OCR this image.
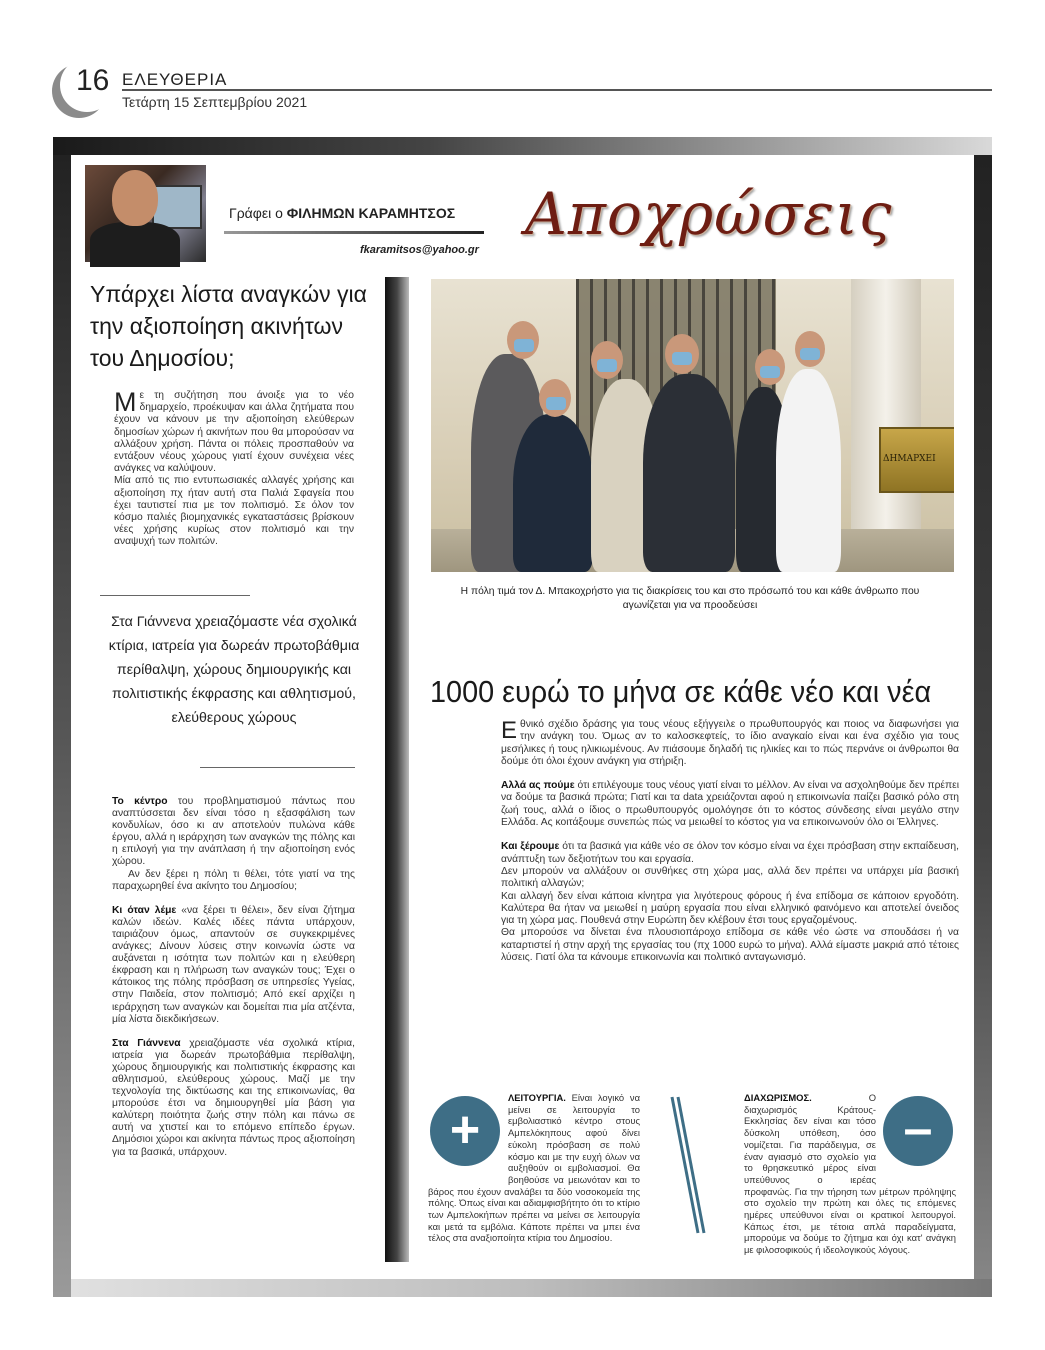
16 ΕΛΕΥΘΕΡΙΑ
Τετάρτη 15 Σεπτεμβρίου 2021
Γράφει ο ΦΙΛΗΜΩΝ ΚΑΡΑΜΗΤΣΟΣ
fkaramitsos@yahoo.gr
Αποχρώσεις
Υπάρχει λίστα αναγκών για την αξιοποίηση ακινήτων του Δημοσίου;
Μ ε τη συζήτηση που άνοιξε για το νέο δημαρχείο, προέκυψαν και άλλα ζητήματα που έχουν να κάνουν με την αξιοποίηση ελεύθερων δημοσίων χώρων ή ακινήτων που θα μπορούσαν να αλλάξουν χρήση. Πάντα οι πόλεις προσπαθούν να εντάξουν νέους χώρους γιατί έχουν συνέχεια νέες ανάγκες να καλύψουν.
Μία από τις πιο εντυπωσιακές αλλαγές χρήσης και αξιοποίηση πχ ήταν αυτή στα Παλιά Σφαγεία που έχει ταυτιστεί πια με τον πολιτισμό. Σε όλον τον κόσμο παλιές βιομηχανικές εγκαταστάσεις βρίσκουν νέες χρήσης κυρίως στον πολιτισμό και την αναψυχή των πολιτών.
Στα Γιάννενα χρειαζόμαστε νέα σχολικά κτίρια, ιατρεία για δωρεάν πρωτοβάθμια περίθαλψη, χώρους δημιουργικής και πολιτιστικής έκφρασης και αθλητισμού, ελεύθερους χώρους

Το κέντρο του προβληματισμού πάντως που αναπτύσσεται δεν είναι τόσο η εξασφάλιση των κονδυλίων, όσο κι αν αποτελούν πυλώνα κάθε έργου, αλλά η ιεράρχηση των αναγκών της πόλης και η επιλογή για την ανάπλαση ή την αξιοποίηση ενός χώρου.
Αν δεν ξέρει η πόλη τι θέλει, τότε γιατί να της παραχωρηθεί ένα ακίνητο του Δημοσίου;

Κι όταν λέμε «να ξέρει τι θέλει», δεν είναι ζήτημα καλών ιδεών. Καλές ιδέες πάντα υπάρχουν, ταιριάζουν όμως, απαντούν σε συγκεκριμένες ανάγκες; Δίνουν λύσεις στην κοινωνία ώστε να αυξάνεται η ισότητα των πολιτών και η ελεύθερη έκφραση και η πλήρωση των αναγκών τους; Έχει ο κάτοικος της πόλης πρόσβαση σε υπηρεσίες Υγείας, στην Παιδεία, στον πολιτισμό; Από εκεί αρχίζει η ιεράρχηση των αναγκών και δομείται πια μία ατζέντα, μία λίστα διεκδικήσεων.

Στα Γιάννενα χρειαζόμαστε νέα σχολικά κτίρια, ιατρεία για δωρεάν πρωτοβάθμια περίθαλψη, χώρους δημιουργικής και πολιτιστικής έκφρασης και αθλητισμού, ελεύθερους χώρους. Μαζί με την τεχνολογία της δικτύωσης και της επικοινωνίας, θα μπορούσε έτσι να δημιουργηθεί μία βάση για καλύτερη ποιότητα ζωής στην πόλη και πάνω σε αυτή να χτιστεί και το επόμενο επίπεδο έργων. Δημόσιοι χώροι και ακίνητα πάντως προς αξιοποίηση για τα βασικά, υπάρχουν.

ΔΗΜΑΡΧΕΙ
Η πόλη τιμά τον Δ. Μπακοχρήστο για τις διακρίσεις του και στο πρόσωπό του και κάθε άνθρωπο που αγωνίζεται για να προοδεύσει
1000 ευρώ το μήνα σε κάθε νέο και νέα

Εθνικό σχέδιο δράσης για τους νέους εξήγγειλε ο πρωθυπουργός και ποιος να διαφωνήσει για την ανάγκη του. Όμως αν το καλοσκεφτείς, το ίδιο αναγκαίο είναι και ένα σχέδιο για τους μεσήλικες ή τους ηλικιωμένους. Αν πιάσουμε δηλαδή τις ηλικίες και το πώς περνάνε οι άνθρωποι θα δούμε ότι όλοι έχουν ανάγκη για στήριξη.

Αλλά ας πούμε ότι επιλέγουμε τους νέους γιατί είναι το μέλλον. Αν είναι να ασχοληθούμε δεν πρέπει να δούμε τα βασικά πρώτα; Γιατί και τα data χρειάζονται αφού η επικοινωνία παίζει βασικό ρόλο στη ζωή τους, αλλά ο ίδιος ο πρωθυπουργός ομολόγησε ότι το κόστος σύνδεσης είναι μεγάλο στην Ελλάδα. Ας κοιτάξουμε συνεπώς πώς να μειωθεί το κόστος για να επικοινωνούν όλο οι Έλληνες.

Και ξέρουμε ότι τα βασικά για κάθε νέο σε όλον τον κόσμο είναι να έχει πρόσβαση στην εκπαίδευση, ανάπτυξη των δεξιοτήτων του και εργασία.
Δεν μπορούν να αλλάξουν οι συνθήκες στη χώρα μας, αλλά δεν πρέπει να υπάρχει μία βασική πολιτική αλλαγών;
Και αλλαγή δεν είναι κάποια κίνητρα για λιγότερους φόρους ή ένα επίδομα σε κάποιον εργοδότη. Καλύτερα θα ήταν να μειωθεί η μαύρη εργασία που είναι ελληνικό φαινόμενο και αποτελεί όνειδος για τη χώρα μας. Πουθενά στην Ευρώπη δεν κλέβουν έτσι τους εργαζομένους.
Θα μπορούσε να δίνεται ένα πλουσιοπάροχο επίδομα σε κάθε νέο ώστε να σπουδάσει ή να καταρτιστεί ή στην αρχή της εργασίας του (πχ 1000 ευρώ το μήνα). Αλλά είμαστε μακριά από τέτοιες λύσεις. Γιατί όλα τα κάνουμε επικοινωνία και πολιτικό ανταγωνισμό.

ΛΕΙΤΟΥΡΓΙΑ. Είναι λογικό να μείνει σε λειτουργία το εμβολιαστικό κέντρο στους Αμπελόκηπους αφού δίνει εύκολη πρόσβαση σε πολύ κόσμο και με την ευχή όλων να αυξηθούν οι εμβολιασμοί. Θα βοηθούσε να μειωνόταν και το βάρος που έχουν αναλάβει τα δύο νοσοκομεία της πόλης. Όπως είναι και αδιαμφισβήτητο ότι το κτίριο των Αμπελοκήπων πρέπει να μείνει σε λειτουργία και μετά τα εμβόλια. Κάποτε πρέπει να μπει ένα τέλος στα αναξιοποίητα κτίρια του Δημοσίου.
+
ΔΙΑΧΩΡΙΣΜΟΣ. Ο διαχωρισμός Κράτους- Εκκλησίας δεν είναι και τόσο δύσκολη υπόθεση, όσο νομίζεται. Για παράδειγμα, σε έναν αγιασμό στο σχολείο για το θρησκευτικό μέρος είναι υπεύθυνος ο ιερέας προφανώς. Για την τήρηση των μέτρων πρόληψης στο σχολείο την πρώτη και όλες τις επόμενες ημέρες υπεύθυνοι είναι οι κρατικοί λειτουργοί. Κάπως έτσι, με τέτοια απλά παραδείγματα, μπορούμε να δούμε το ζήτημα και όχι κατ' ανάγκη με φιλοσοφικούς ή ιδεολογικούς λόγους.
–
